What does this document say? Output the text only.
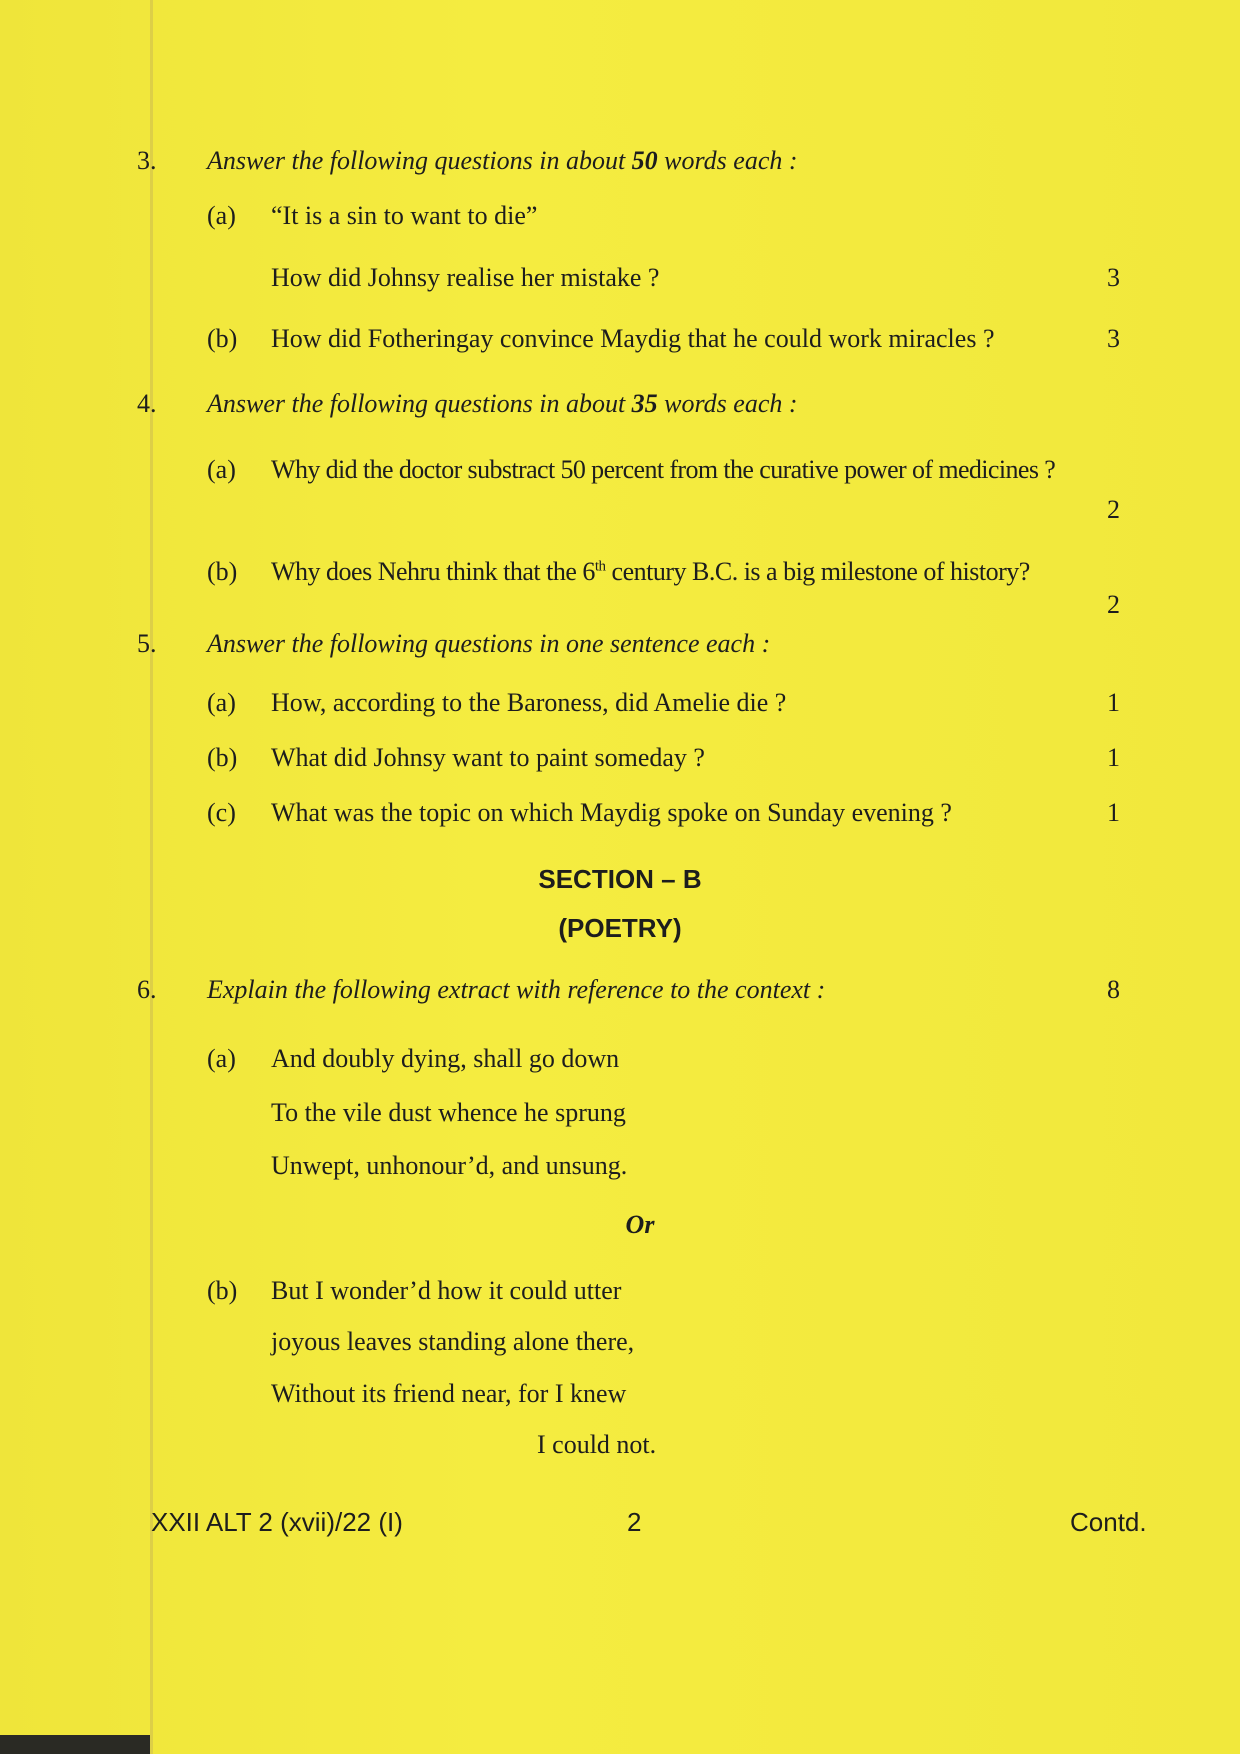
3. Answer the following questions in about 50 words each :
(a) “It is a sin to want to die”
How did Johnsy realise her mistake ?	3
(b) How did Fotheringay convince Maydig that he could work miracles ?	3
4. Answer the following questions in about 35 words each :
(a) Why did the doctor substract 50 percent from the curative power of medicines ?
2
(b) Why does Nehru think that the 6th century B.C. is a big milestone of history?
2
5. Answer the following questions in one sentence each :
(a) How, according to the Baroness, did Amelie die ?	1
(b) What did Johnsy want to paint someday ?	1
(c) What was the topic on which Maydig spoke on Sunday evening ?	1
SECTION – B
(POETRY)
6. Explain the following extract with reference to the context :	8
(a) And doubly dying, shall go down
To the vile dust whence he sprung
Unwept, unhonour’d, and unsung.
Or
(b) But I wonder’d how it could utter
joyous leaves standing alone there,
Without its friend near, for I knew
I could not.
XXII ALT 2 (xvii)/22 (I)	2	Contd.
